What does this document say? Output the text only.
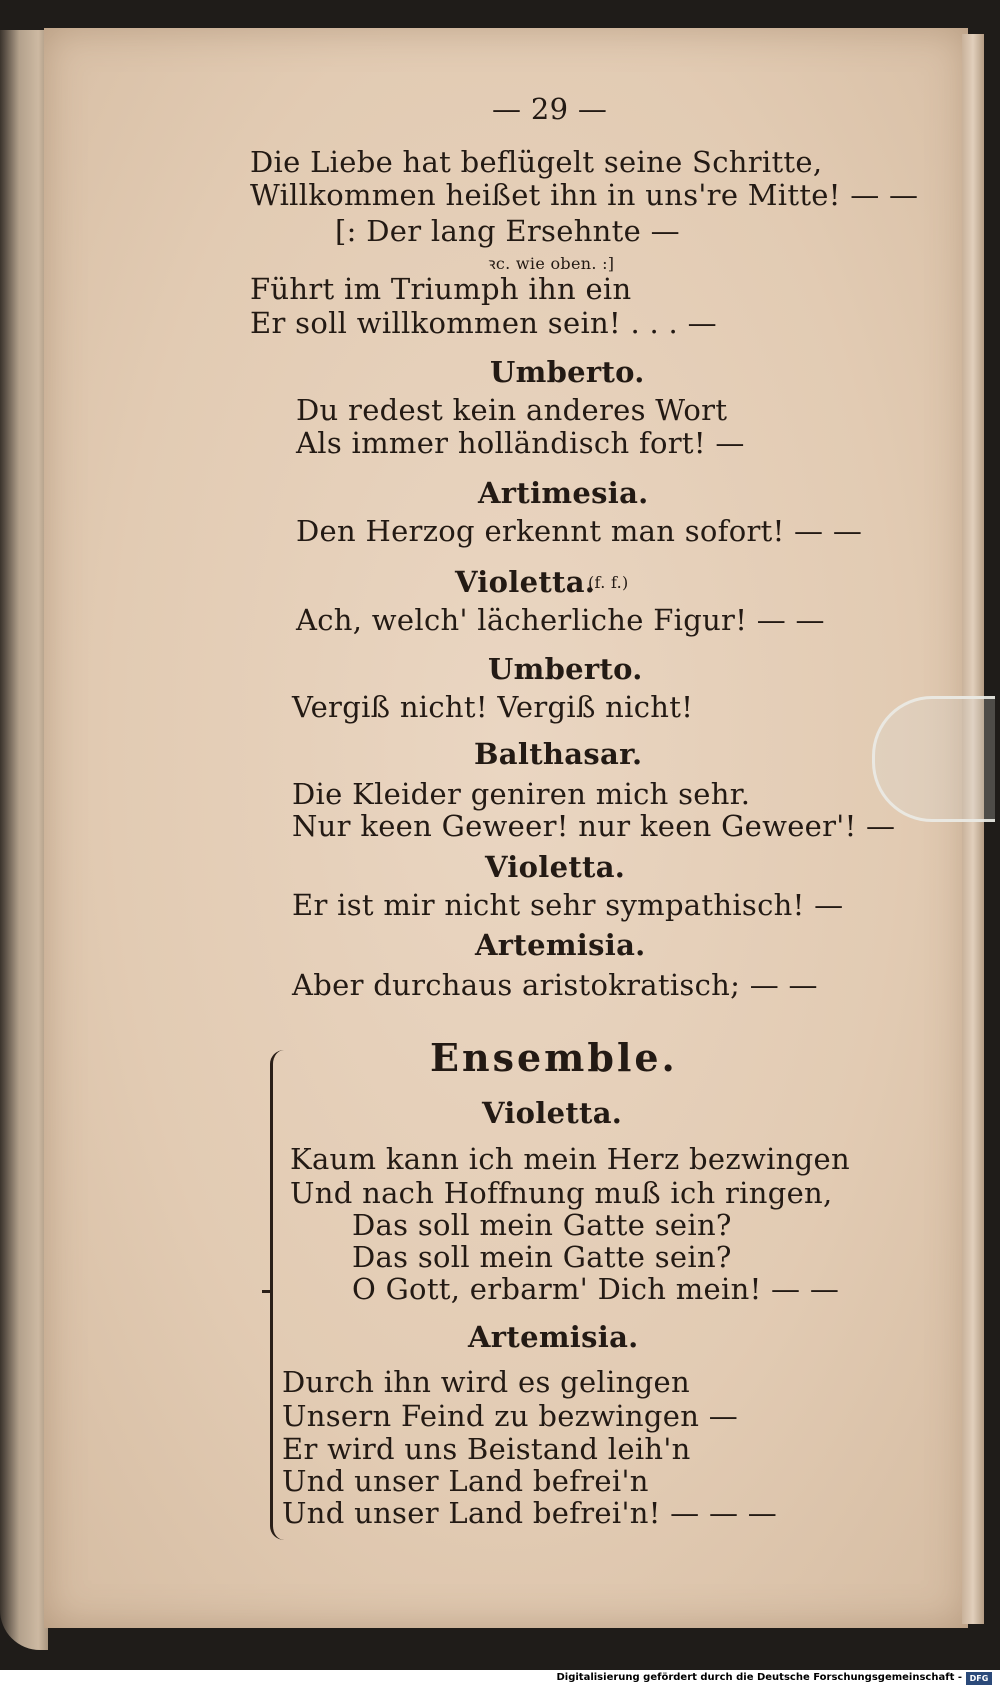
— 29 —
Die Liebe hat beflügelt seine Schritte,
Willkommen heißet ihn in uns're Mitte! — —
[: Der lang Ersehnte —
ꝛc. wie oben. :]
Führt im Triumph ihn ein
Er soll willkommen sein! . . . —
Umberto.
Du redest kein anderes Wort
Als immer holländisch fort! —
Artimesia.
Den Herzog erkennt man sofort! — —
Violetta.
(f. f.)
Ach, welch' lächerliche Figur! — —
Umberto.
Vergiß nicht! Vergiß nicht!
Balthasar.
Die Kleider geniren mich sehr.
Nur keen Geweer! nur keen Geweer'! —
Violetta.
Er ist mir nicht sehr sympathisch! —
Artemisia.
Aber durchaus aristokratisch; — —
Ensemble.
Violetta.
Kaum kann ich mein Herz bezwingen
Und nach Hoffnung muß ich ringen,
Das soll mein Gatte sein?
Das soll mein Gatte sein?
O Gott, erbarm' Dich mein! — —
Artemisia.
Durch ihn wird es gelingen
Unsern Feind zu bezwingen —
Er wird uns Beistand leih'n
Und unser Land befrei'n
Und unser Land befrei'n! — — —
Digitalisierung gefördert durch die Deutsche Forschungsgemeinschaft - DFG
